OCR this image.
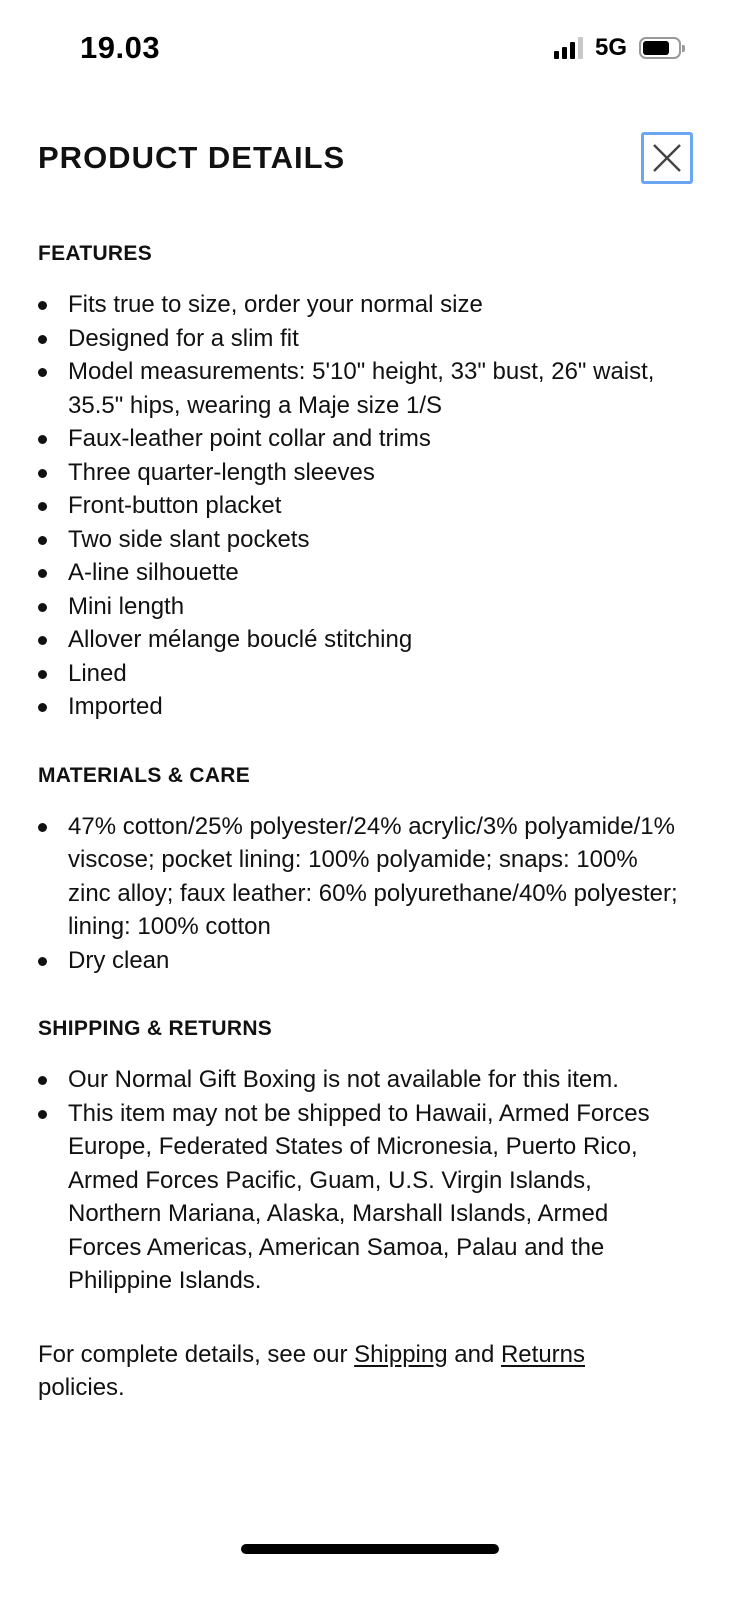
19.03	5G
PRODUCT DETAILS
FEATURES
Fits true to size, order your normal size
Designed for a slim fit
Model measurements: 5'10" height, 33" bust, 26" waist, 35.5" hips, wearing a Maje size 1/S
Faux-leather point collar and trims
Three quarter-length sleeves
Front-button placket
Two side slant pockets
A-line silhouette
Mini length
Allover mélange bouclé stitching
Lined
Imported
MATERIALS & CARE
47% cotton/25% polyester/24% acrylic/3% polyamide/1% viscose; pocket lining: 100% polyamide; snaps: 100% zinc alloy; faux leather: 60% polyurethane/40% polyester; lining: 100% cotton
Dry clean
SHIPPING & RETURNS
Our Normal Gift Boxing is not available for this item.
This item may not be shipped to Hawaii, Armed Forces Europe, Federated States of Micronesia, Puerto Rico, Armed Forces Pacific, Guam, U.S. Virgin Islands, Northern Mariana, Alaska, Marshall Islands, Armed Forces Americas, American Samoa, Palau and the Philippine Islands.
For complete details, see our Shipping and Returns policies.
